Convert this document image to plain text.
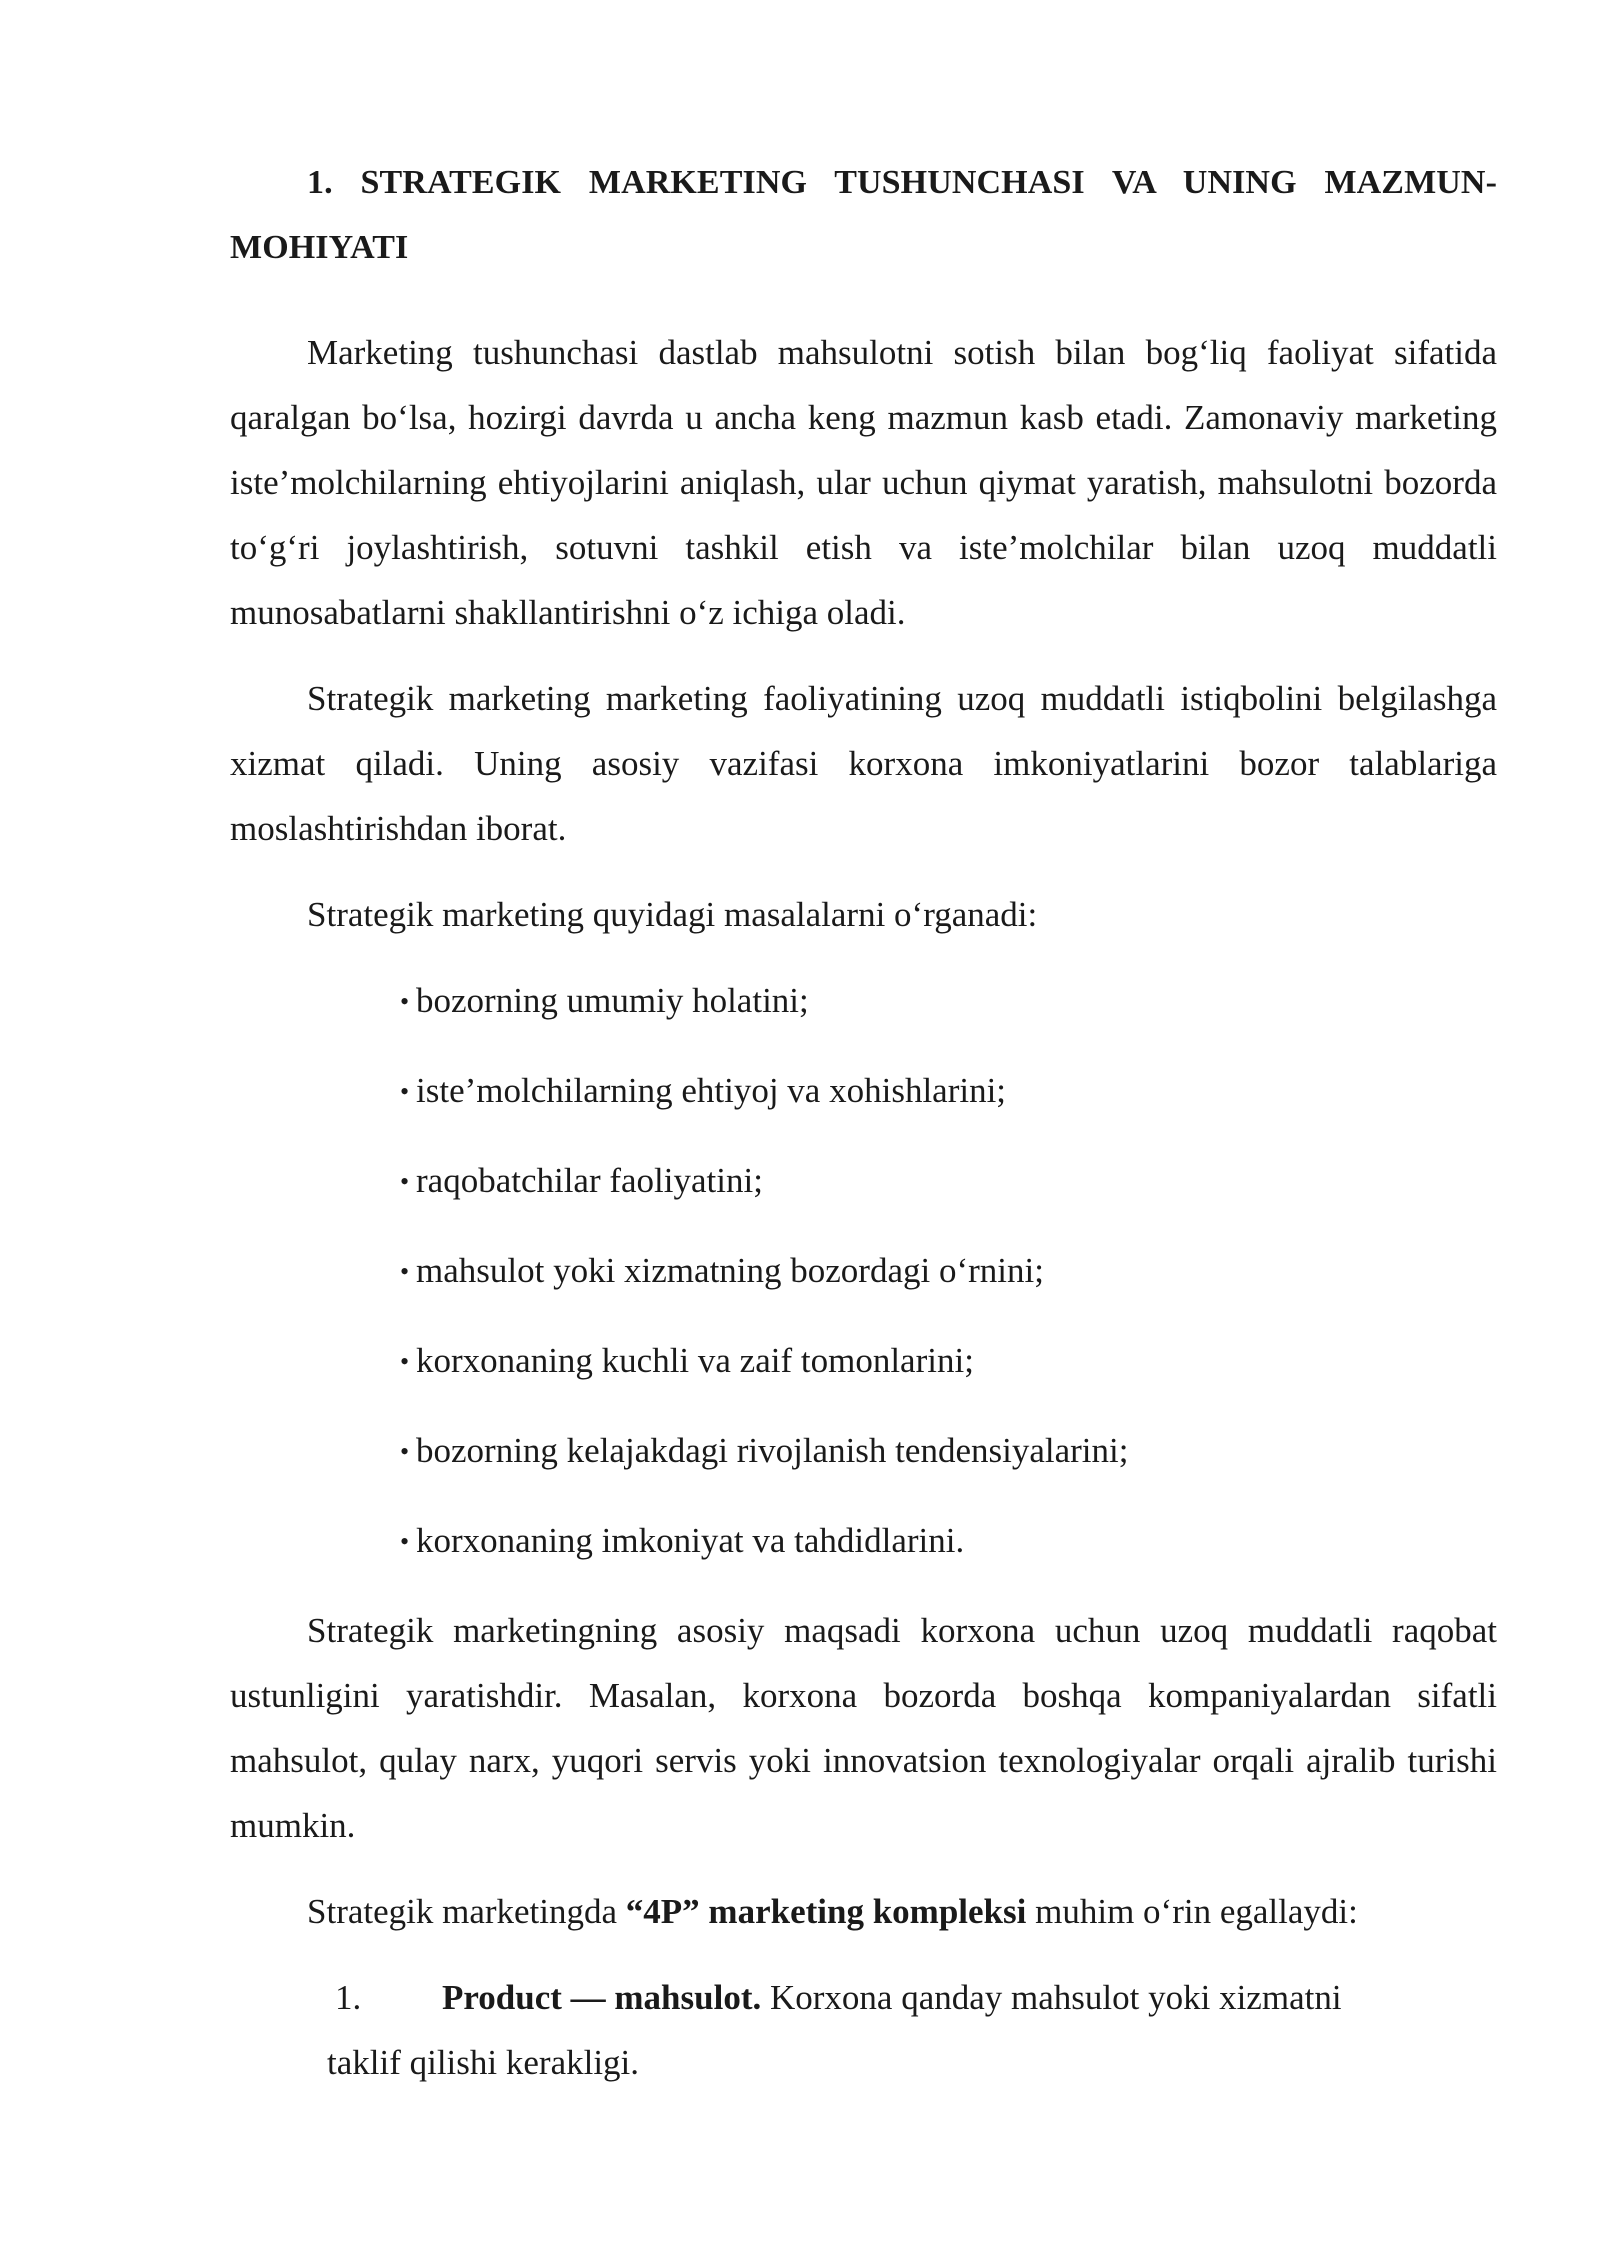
1. STRATEGIK MARKETING TUSHUNCHASI VA UNING MAZMUN-MOHIYATI

Marketing tushunchasi dastlab mahsulotni sotish bilan bog‘liq faoliyat sifatida qaralgan bo‘lsa, hozirgi davrda u ancha keng mazmun kasb etadi. Zamonaviy marketing iste’molchilarning ehtiyojlarini aniqlash, ular uchun qiymat yaratish, mahsulotni bozorda to‘g‘ri joylashtirish, sotuvni tashkil etish va iste’molchilar bilan uzoq muddatli munosabatlarni shakllantirishni o‘z ichiga oladi.

Strategik marketing marketing faoliyatining uzoq muddatli istiqbolini belgilashga xizmat qiladi. Uning asosiy vazifasi korxona imkoniyatlarini bozor talablariga moslashtirishdan iborat.

Strategik marketing quyidagi masalalarni o‘rganadi:

• bozorning umumiy holatini;
• iste’molchilarning ehtiyoj va xohishlarini;
• raqobatchilar faoliyatini;
• mahsulot yoki xizmatning bozordagi o‘rnini;
• korxonaning kuchli va zaif tomonlarini;
• bozorning kelajakdagi rivojlanish tendensiyalarini;
• korxonaning imkoniyat va tahdidlarini.

Strategik marketingning asosiy maqsadi korxona uchun uzoq muddatli raqobat ustunligini yaratishdir. Masalan, korxona bozorda boshqa kompaniyalardan sifatli mahsulot, qulay narx, yuqori servis yoki innovatsion texnologiyalar orqali ajralib turishi mumkin.

Strategik marketingda “4P” marketing kompleksi muhim o‘rin egallaydi:

1.	Product — mahsulot. Korxona qanday mahsulot yoki xizmatni
taklif qilishi kerakligi.
